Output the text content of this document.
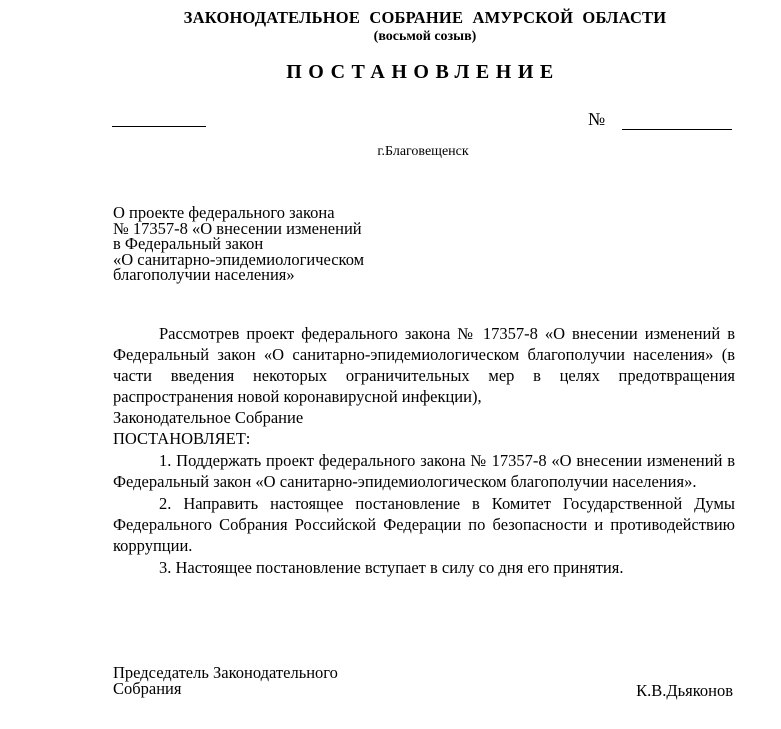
ЗАКОНОДАТЕЛЬНОЕ СОБРАНИЕ АМУРСКОЙ ОБЛАСТИ
(восьмой созыв)
ПОСТАНОВЛЕНИЕ
№
г.Благовещенск
О проекте федерального закона
№ 17357-8 «О внесении изменений
в Федеральный закон
«О санитарно-эпидемиологическом
благополучии населения»

Рассмотрев проект федерального закона № 17357-8 «О внесении изменений в Федеральный закон «О санитарно-эпидемиологическом благополучии населения» (в части введения некоторых ограничительных мер в целях предотвращения распространения новой коронавирусной инфекции),

Законодательное Собрание

ПОСТАНОВЛЯЕТ:

1. Поддержать проект федерального закона № 17357-8 «О внесении изменений в Федеральный закон «О санитарно-эпидемиологическом благополучии населения».

2. Направить настоящее постановление в Комитет Государственной Думы Федерального Собрания Российской Федерации по безопасности и противодействию коррупции.

3. Настоящее постановление вступает в силу со дня его принятия.

Председатель Законодательного
Собрания	К.В.Дьяконов
